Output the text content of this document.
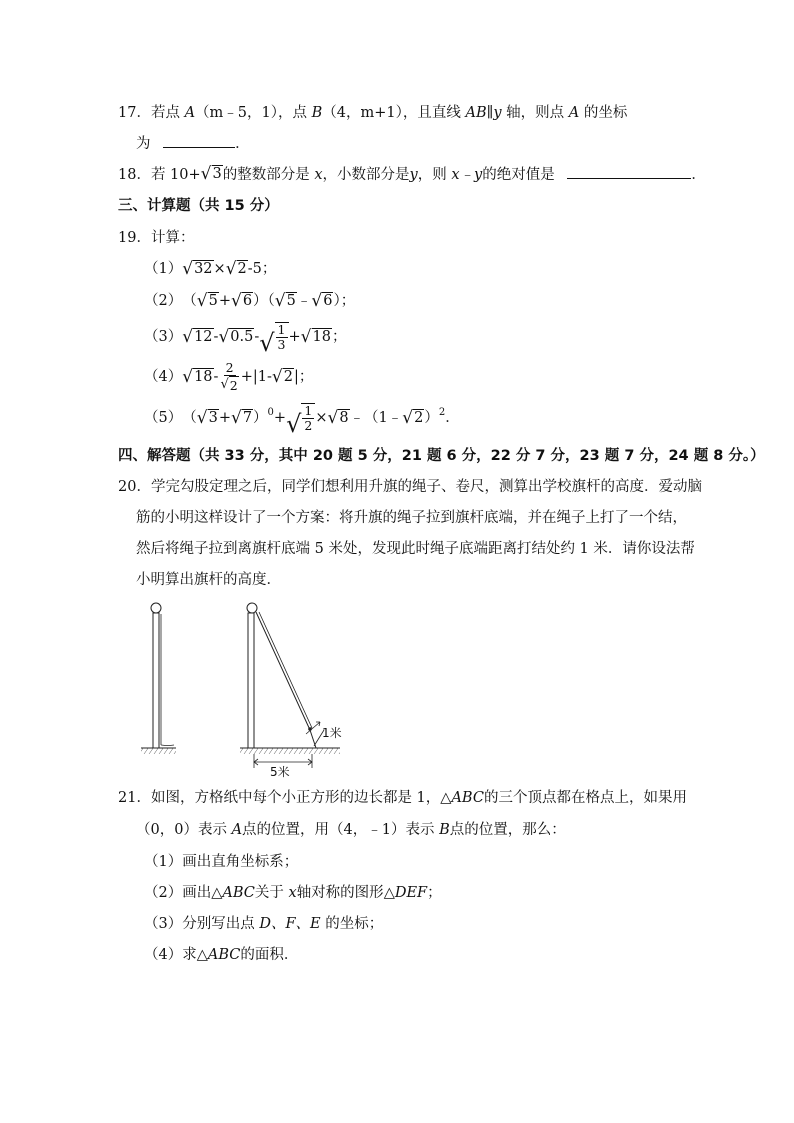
17．若点 A（m﹣5，1），点 B（4，m+1），且直线 AB∥y 轴，则点 A 的坐标
为	．
18．若 10+ √ 3 的整数部分是 x，小数部分是y，则 x﹣y的绝对值是	．
三、计算题（共 15 分）
19．计算：
（1） √ 32 × √ 2 -5；
（2） （ √ 5 + √ 6 ）（ √ 5 ﹣ √ 6 ）；
（3） √ 12 - √ 0.5 - √ $\frac{1}{3}$ + √ 18 ；
（4） √ $18 - \frac{2}{√ 2} +|1-$ √ 2 |；
（5） （ √ 3 + √ 7 ）$^0$ + √ $\frac{1}{2}$ × √ 8 ﹣（1﹣ √ 2 ）$^2$ ．
四、解答题（共 33 分，其中 20 题 5 分，21 题 6 分，22 分 7 分，23 题 7 分，24 题 8 分。）
20．学完勾股定理之后，同学们想利用升旗的绳子、卷尺，测算出学校旗杆的高度．爱动脑
筋的小明这样设计了一个方案：将升旗的绳子拉到旗杆底端，并在绳子上打了一个结，
然后将绳子拉到离旗杆底端 5 米处，发现此时绳子底端距离打结处约 1 米．请你设法帮
小明算出旗杆的高度．
1米
5米
21．如图，方格纸中每个小正方形的边长都是 1，△ABC的三个顶点都在格点上，如果用
（0，0）表示 A点的位置，用（4，﹣1）表示 B点的位置，那么：
（1）画出直角坐标系；
（2）画出△ABC关于 x轴对称的图形△DEF；
（3）分别写出点 D、F、E 的坐标；
（4）求△ABC的面积．
